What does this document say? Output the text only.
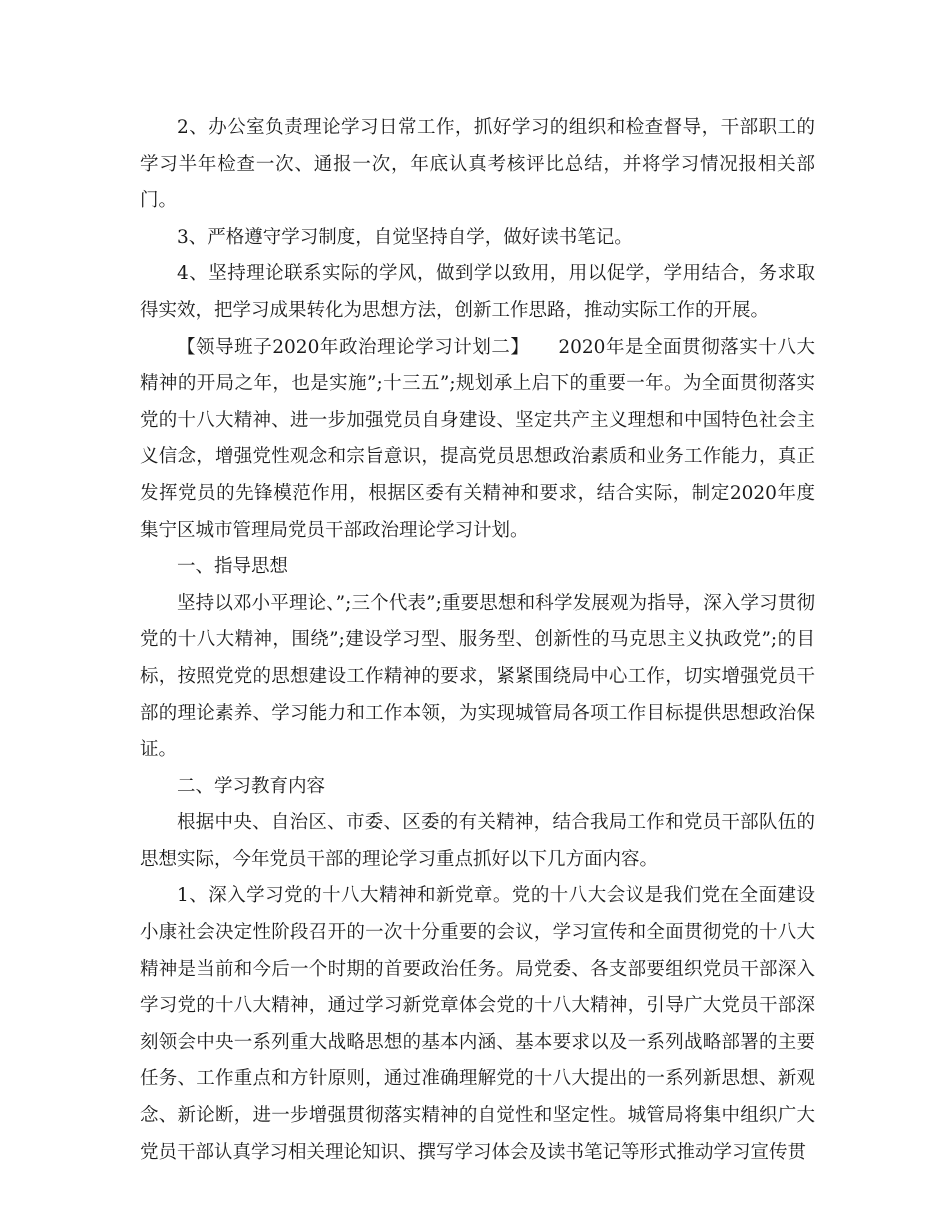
2、办公室负责理论学习日常工作，抓好学习的组织和检查督导，干部职工的学习半年检查一次、通报一次，年底认真考核评比总结，并将学习情况报相关部门。

3、严格遵守学习制度，自觉坚持自学，做好读书笔记。

4、坚持理论联系实际的学风，做到学以致用，用以促学，学用结合，务求取得实效，把学习成果转化为思想方法，创新工作思路，推动实际工作的开展。

【领导班子2020年政治理论学习计划二】　　2020年是全面贯彻落实十八大精神的开局之年，也是实施”;十三五”;规划承上启下的重要一年。为全面贯彻落实党的十八大精神、进一步加强党员自身建设、坚定共产主义理想和中国特色社会主义信念，增强党性观念和宗旨意识，提高党员思想政治素质和业务工作能力，真正发挥党员的先锋模范作用，根据区委有关精神和要求，结合实际，制定2020年度集宁区城市管理局党员干部政治理论学习计划。

一、指导思想

坚持以邓小平理论、”;三个代表”;重要思想和科学发展观为指导，深入学习贯彻党的十八大精神，围绕”;建设学习型、服务型、创新性的马克思主义执政党”;的目标，按照党党的思想建设工作精神的要求，紧紧围绕局中心工作，切实增强党员干部的理论素养、学习能力和工作本领，为实现城管局各项工作目标提供思想政治保证。

二、学习教育内容

根据中央、自治区、市委、区委的有关精神，结合我局工作和党员干部队伍的思想实际，今年党员干部的理论学习重点抓好以下几方面内容。

1、深入学习党的十八大精神和新党章。党的十八大会议是我们党在全面建设小康社会决定性阶段召开的一次十分重要的会议，学习宣传和全面贯彻党的十八大精神是当前和今后一个时期的首要政治任务。局党委、各支部要组织党员干部深入学习党的十八大精神，通过学习新党章体会党的十八大精神，引导广大党员干部深刻领会中央一系列重大战略思想的基本内涵、基本要求以及一系列战略部署的主要任务、工作重点和方针原则，通过准确理解党的十八大提出的一系列新思想、新观念、新论断，进一步增强贯彻落实精神的自觉性和坚定性。城管局将集中组织广大党员干部认真学习相关理论知识、撰写学习体会及读书笔记等形式推动学习宣传贯
